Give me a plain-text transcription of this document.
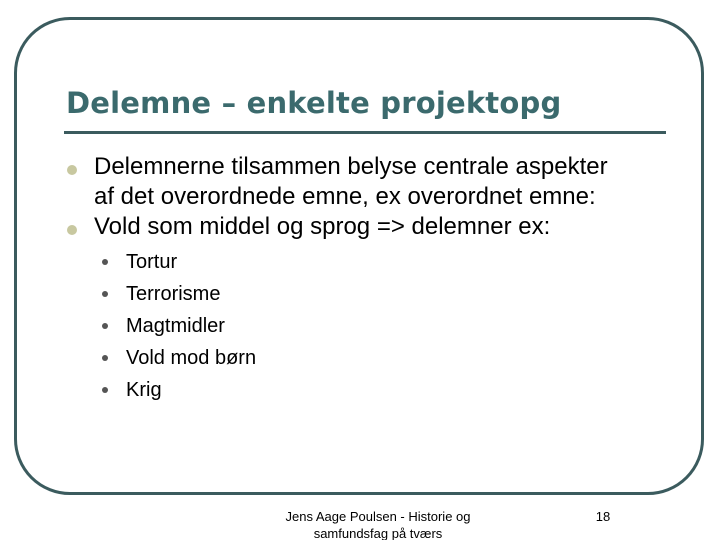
Delemne – enkelte projektopg
Delemnerne tilsammen belyse centrale aspekter af det overordnede emne, ex overordnet emne:
Vold som middel og sprog => delemner ex:
Tortur
Terrorisme
Magtmidler
Vold mod børn
Krig
Jens Aage Poulsen - Historie og
samfundsfag på tværs
18
